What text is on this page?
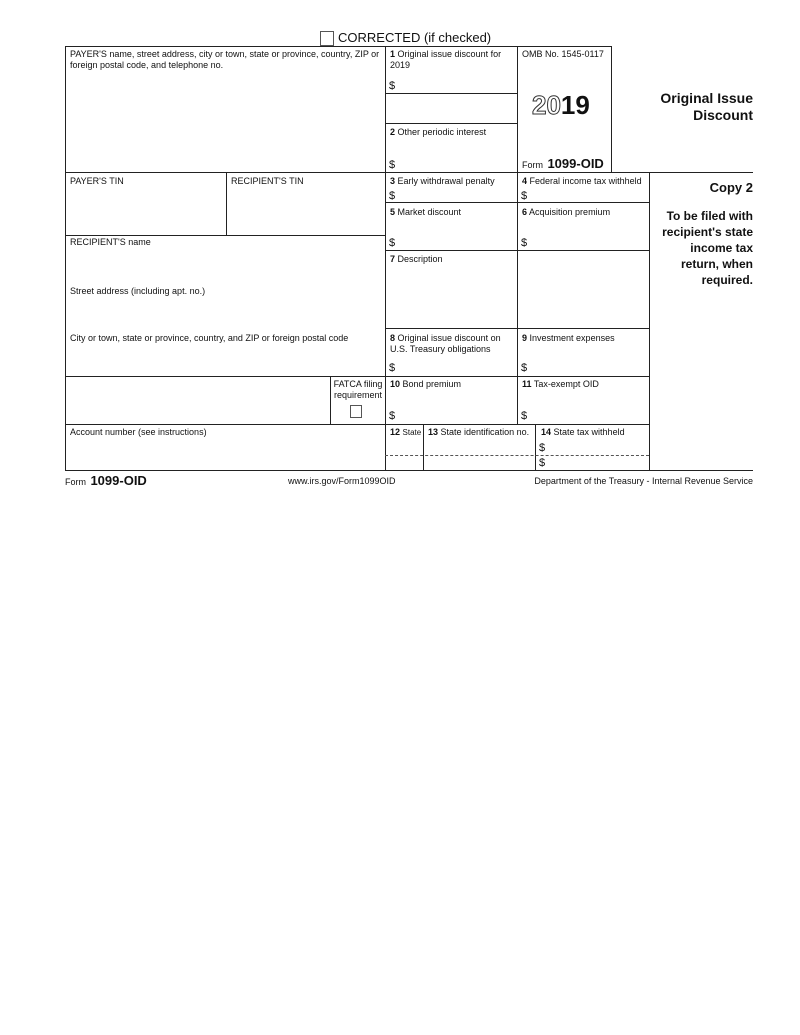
CORRECTED (if checked)
PAYER'S name, street address, city or town, state or province, country, ZIP or foreign postal code, and telephone no.
1 Original issue discount for 2019
$
2 Other periodic interest
$
OMB No. 1545-0117
2019
Form 1099-OID
Original Issue Discount
PAYER'S TIN	RECIPIENT'S TIN	3 Early withdrawal penalty
$
4 Federal income tax withheld
$
5 Market discount
$
6 Acquisition premium
$
Copy 2
To be filed with recipient's state income tax return, when required.
RECIPIENT'S name
Street address (including apt. no.)
City or town, state or province, country, and ZIP or foreign postal code
7 Description
8 Original issue discount on U.S. Treasury obligations
$
9 Investment expenses
$
FATCA filing requirement
10 Bond premium
$
11 Tax-exempt OID
$
Account number (see instructions)	12 State 13 State identification no. 14 State tax withheld
$
$
Form 1099-OID	www.irs.gov/Form1099OID	Department of the Treasury - Internal Revenue Service
